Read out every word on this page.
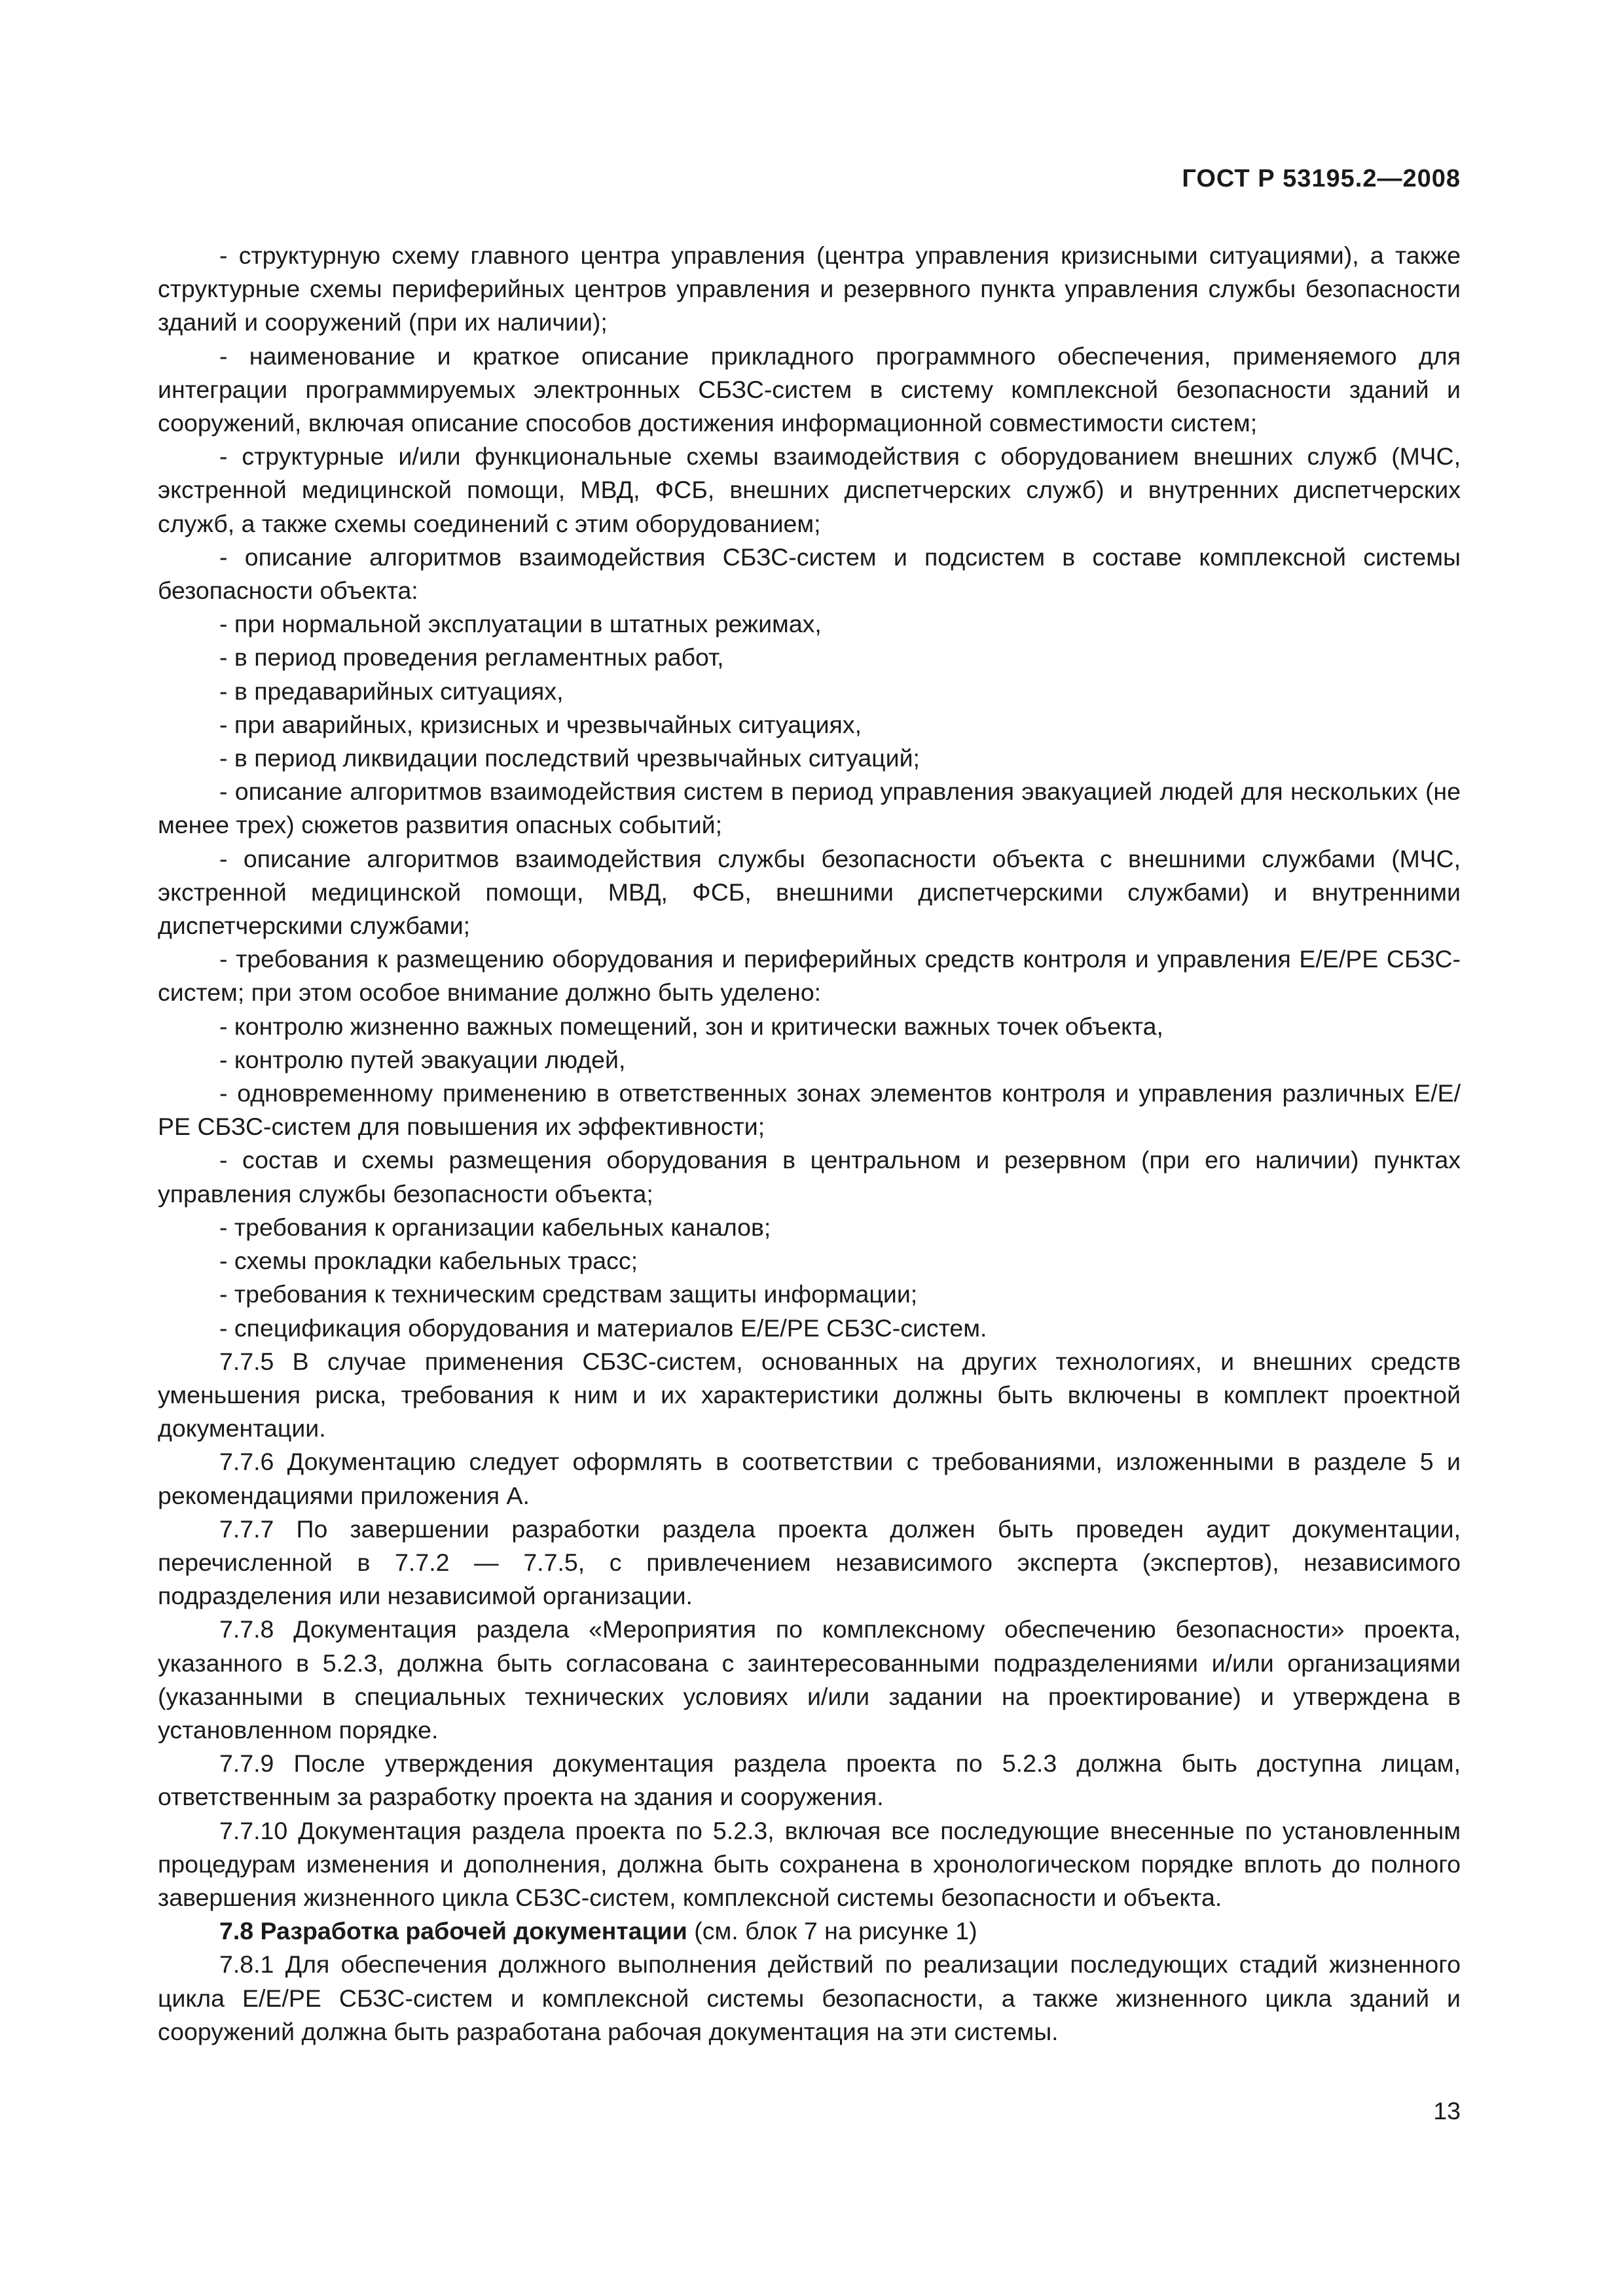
ГОСТ Р 53195.2—2008

- структурную схему главного центра управления (центра управления кризисными ситуациями), а также структурные схемы периферийных центров управления и резервного пункта управления службы безопасности зданий и сооружений (при их наличии);

- наименование и краткое описание прикладного программного обеспечения, применяемого для интеграции программируемых электронных СБЗС-систем в систему комплексной безопасности зданий и сооружений, включая описание способов достижения информационной совместимости систем;

- структурные и/или функциональные схемы взаимодействия с оборудованием внешних служб (МЧС, экстренной медицинской помощи, МВД, ФСБ, внешних диспетчерских служб) и внутренних диспетчерских служб, а также схемы соединений с этим оборудованием;

- описание алгоритмов взаимодействия СБЗС-систем и подсистем в составе комплексной системы безопасности объекта:

- при нормальной эксплуатации в штатных режимах,

- в период проведения регламентных работ,

- в предаварийных ситуациях,

- при аварийных, кризисных и чрезвычайных ситуациях,

- в период ликвидации последствий чрезвычайных ситуаций;

- описание алгоритмов взаимодействия систем в период управления эвакуацией людей для нескольких (не менее трех) сюжетов развития опасных событий;

- описание алгоритмов взаимодействия службы безопасности объекта с внешними службами (МЧС, экстренной медицинской помощи, МВД, ФСБ, внешними диспетчерскими службами) и внутренними диспетчерскими службами;

- требования к размещению оборудования и периферийных средств контроля и управления Е/Е/РЕ СБЗС-систем; при этом особое внимание должно быть уделено:

- контролю жизненно важных помещений, зон и критически важных точек объекта,

- контролю путей эвакуации людей,

- одновременному применению в ответственных зонах элементов контроля и управления различных Е/Е/РЕ СБЗС-систем для повышения их эффективности;

- состав и схемы размещения оборудования в центральном и резервном (при его наличии) пунктах управления службы безопасности объекта;

- требования к организации кабельных каналов;

- схемы прокладки кабельных трасс;

- требования к техническим средствам защиты информации;

- спецификация оборудования и материалов Е/Е/РЕ СБЗС-систем.

7.7.5 В случае применения СБЗС-систем, основанных на других технологиях, и внешних средств уменьшения риска, требования к ним и их характеристики должны быть включены в комплект проектной документации.

7.7.6 Документацию следует оформлять в соответствии с требованиями, изложенными в разделе 5 и рекомендациями приложения А.

7.7.7 По завершении разработки раздела проекта должен быть проведен аудит документации, перечисленной в 7.7.2 — 7.7.5, с привлечением независимого эксперта (экспертов), независимого подразделения или независимой организации.

7.7.8 Документация раздела «Мероприятия по комплексному обеспечению безопасности» проекта, указанного в 5.2.3, должна быть согласована с заинтересованными подразделениями и/или организациями (указанными в специальных технических условиях и/или задании на проектирование) и утверждена в установленном порядке.

7.7.9 После утверждения документация раздела проекта по 5.2.3 должна быть доступна лицам, ответственным за разработку проекта на здания и сооружения.

7.7.10 Документация раздела проекта по 5.2.3, включая все последующие внесенные по установленным процедурам изменения и дополнения, должна быть сохранена в хронологическом порядке вплоть до полного завершения жизненного цикла СБЗС-систем, комплексной системы безопасности и объекта.

7.8 Разработка рабочей документации (см. блок 7 на рисунке 1)

7.8.1 Для обеспечения должного выполнения действий по реализации последующих стадий жизненного цикла Е/Е/РЕ СБЗС-систем и комплексной системы безопасности, а также жизненного цикла зданий и сооружений должна быть разработана рабочая документация на эти системы.

13
